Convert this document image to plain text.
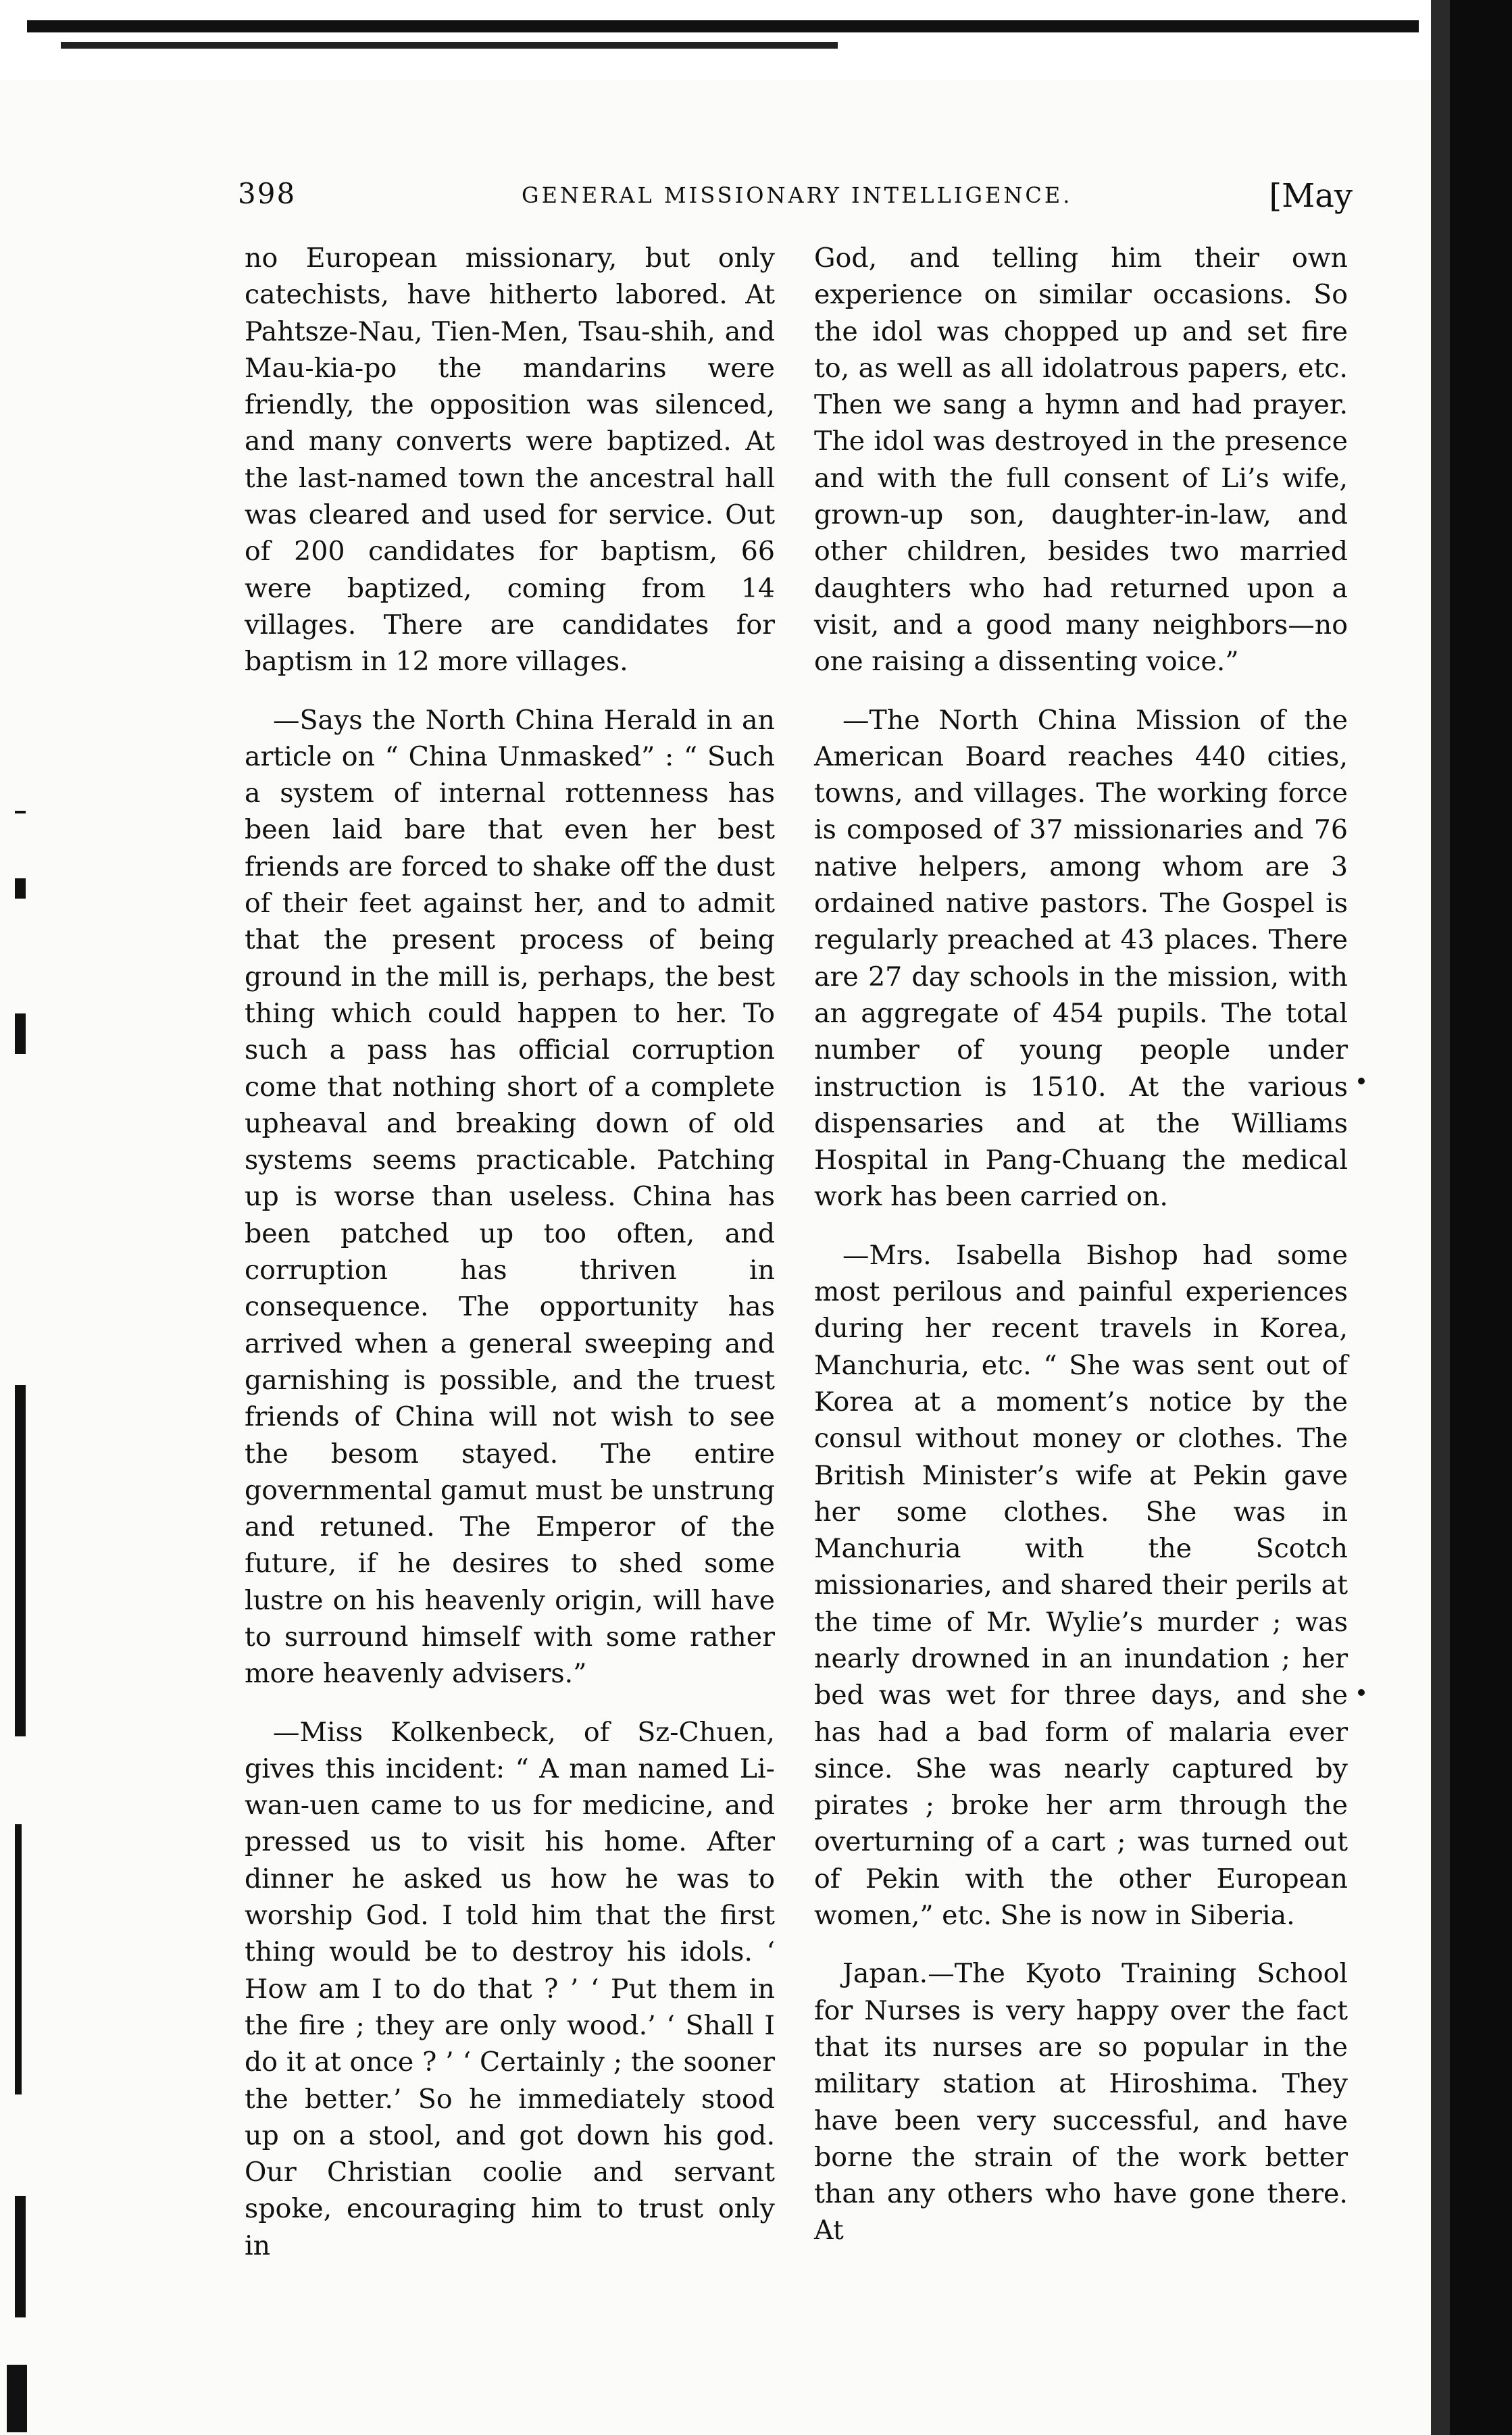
398	GENERAL MISSIONARY INTELLIGENCE.	[May

no European missionary, but only catechists, have hitherto labored. At Pahtsze-Nau, Tien-Men, Tsau-shih, and Mau-kia-po the mandarins were friendly, the opposition was silenced, and many converts were baptized. At the last-named town the ancestral hall was cleared and used for service. Out of 200 candidates for baptism, 66 were baptized, coming from 14 villages. There are candidates for baptism in 12 more villages.

—Says the North China Herald in an article on “ China Unmasked” : “ Such a system of internal rottenness has been laid bare that even her best friends are forced to shake off the dust of their feet against her, and to admit that the present process of being ground in the mill is, perhaps, the best thing which could happen to her. To such a pass has official corruption come that nothing short of a complete upheaval and breaking down of old systems seems practicable. Patching up is worse than useless. China has been patched up too often, and corruption has thriven in consequence. The opportunity has arrived when a general sweeping and garnishing is possible, and the truest friends of China will not wish to see the besom stayed. The entire governmental gamut must be unstrung and retuned. The Emperor of the future, if he desires to shed some lustre on his heavenly origin, will have to surround himself with some rather more heavenly advisers.”

—Miss Kolkenbeck, of Sz-Chuen, gives this incident: “ A man named Li-wan-uen came to us for medicine, and pressed us to visit his home. After dinner he asked us how he was to worship God. I told him that the first thing would be to destroy his idols. ‘ How am I to do that ? ’ ‘ Put them in the fire ; they are only wood.’ ‘ Shall I do it at once ? ’ ‘ Certainly ; the sooner the better.’ So he immediately stood up on a stool, and got down his god. Our Christian coolie and servant spoke, encouraging him to trust only in

God, and telling him their own experience on similar occasions. So the idol was chopped up and set fire to, as well as all idolatrous papers, etc. Then we sang a hymn and had prayer. The idol was destroyed in the presence and with the full consent of Li’s wife, grown-up son, daughter-in-law, and other children, besides two married daughters who had returned upon a visit, and a good many neighbors—no one raising a dissenting voice.”

—The North China Mission of the American Board reaches 440 cities, towns, and villages. The working force is composed of 37 missionaries and 76 native helpers, among whom are 3 ordained native pastors. The Gospel is regularly preached at 43 places. There are 27 day schools in the mission, with an aggregate of 454 pupils. The total number of young people under instruction is 1510. At the various dispensaries and at the Williams Hospital in Pang-Chuang the medical work has been carried on.

—Mrs. Isabella Bishop had some most perilous and painful experiences during her recent travels in Korea, Manchuria, etc. “ She was sent out of Korea at a moment’s notice by the consul without money or clothes. The British Minister’s wife at Pekin gave her some clothes. She was in Manchuria with the Scotch missionaries, and shared their perils at the time of Mr. Wylie’s murder ; was nearly drowned in an inundation ; her bed was wet for three days, and she has had a bad form of malaria ever since. She was nearly captured by pirates ; broke her arm through the overturning of a cart ; was turned out of Pekin with the other European women,” etc. She is now in Siberia.

Japan.—The Kyoto Training School for Nurses is very happy over the fact that its nurses are so popular in the military station at Hiroshima. They have been very successful, and have borne the strain of the work better than any others who have gone there. At
